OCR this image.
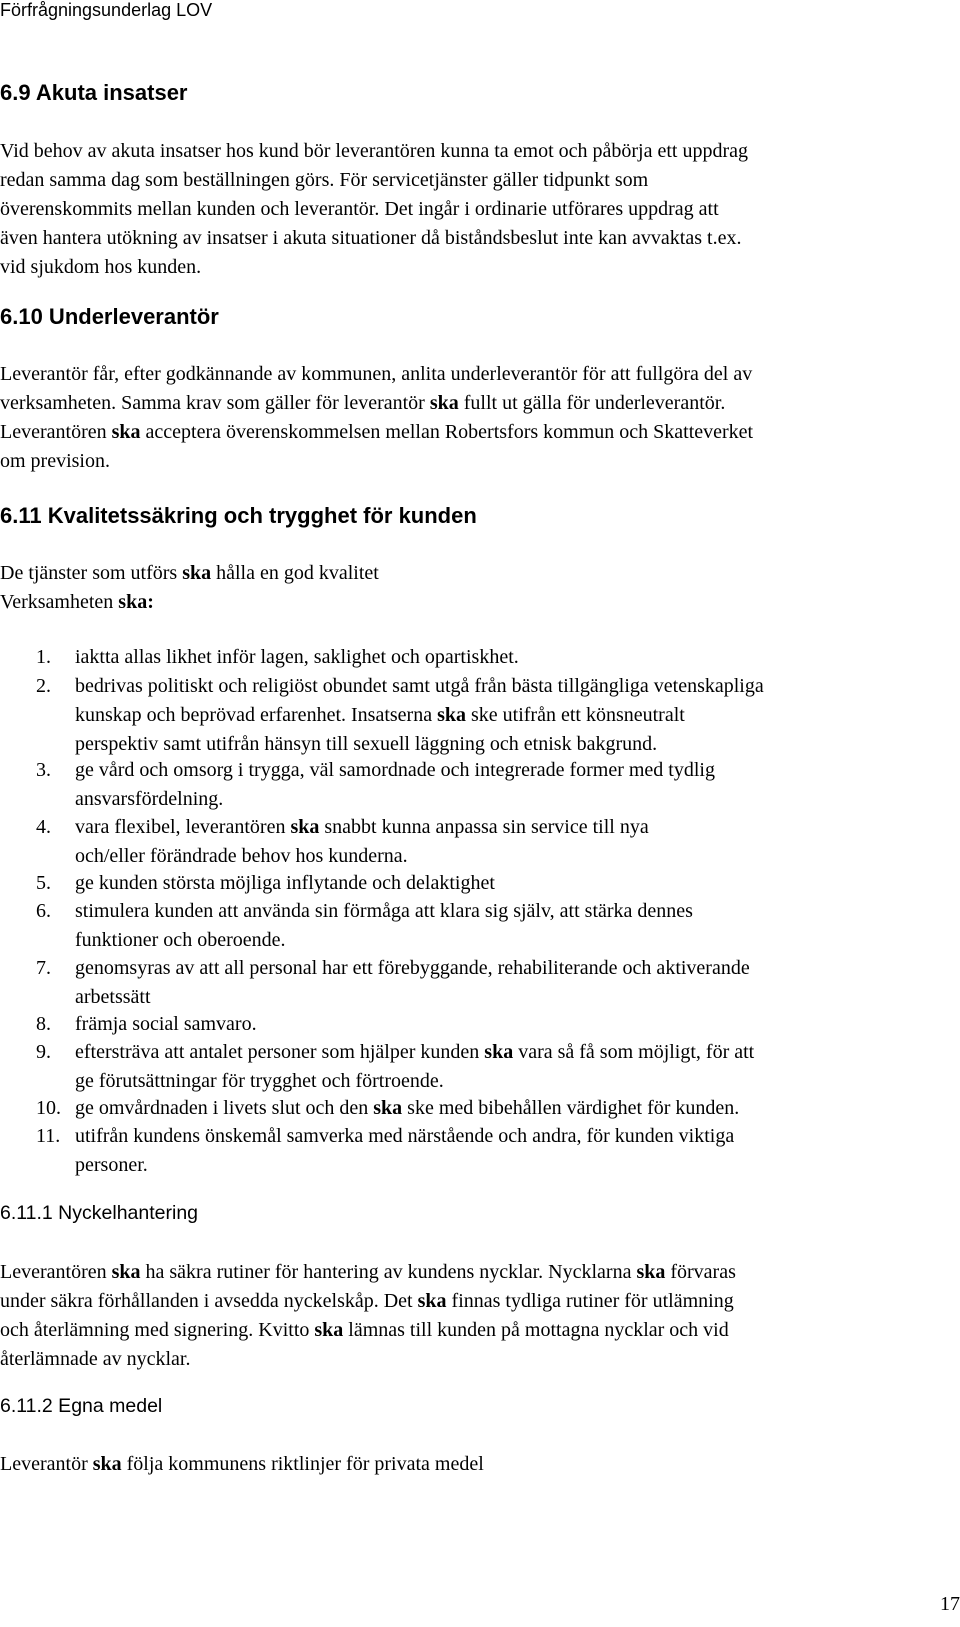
Förfrågningsunderlag LOV
6.9 Akuta insatser
Vid behov av akuta insatser hos kund bör leverantören kunna ta emot och påbörja ett uppdrag
redan samma dag som beställningen görs. För servicetjänster gäller tidpunkt som
överenskommits mellan kunden och leverantör. Det ingår i ordinarie utförares uppdrag att
även hantera utökning av insatser i akuta situationer då biståndsbeslut inte kan avvaktas t.ex.
vid sjukdom hos kunden.
6.10 Underleverantör
Leverantör får, efter godkännande av kommunen, anlita underleverantör för att fullgöra del av
verksamheten. Samma krav som gäller för leverantör ska fullt ut gälla för underleverantör.
Leverantören ska acceptera överenskommelsen mellan Robertsfors kommun och Skatteverket
om prevision.
6.11 Kvalitetssäkring och trygghet för kunden
De tjänster som utförs ska hålla en god kvalitet
Verksamheten ska:
1.	iaktta allas likhet inför lagen, saklighet och opartiskhet.
2.	bedrivas politiskt och religiöst obundet samt utgå från bästa tillgängliga vetenskapliga
kunskap och beprövad erfarenhet. Insatserna ska ske utifrån ett könsneutralt
perspektiv samt utifrån hänsyn till sexuell läggning och etnisk bakgrund.
3.	ge vård och omsorg i trygga, väl samordnade och integrerade former med tydlig
ansvarsfördelning.
4.	vara flexibel, leverantören ska snabbt kunna anpassa sin service till nya
och/eller förändrade behov hos kunderna.
5.	ge kunden största möjliga inflytande och delaktighet
6.	stimulera kunden att använda sin förmåga att klara sig själv, att stärka dennes
funktioner och oberoende.
7.	genomsyras av att all personal har ett förebyggande, rehabiliterande och aktiverande
arbetssätt
8.	främja social samvaro.
9.	eftersträva att antalet personer som hjälper kunden ska vara så få som möjligt, för att
ge förutsättningar för trygghet och förtroende.
10. ge omvårdnaden i livets slut och den ska ske med bibehållen värdighet för kunden.
11. utifrån kundens önskemål samverka med närstående och andra, för kunden viktiga
personer.
6.11.1 Nyckelhantering
Leverantören ska ha säkra rutiner för hantering av kundens nycklar. Nycklarna ska förvaras
under säkra förhållanden i avsedda nyckelskåp. Det ska finnas tydliga rutiner för utlämning
och återlämning med signering. Kvitto ska lämnas till kunden på mottagna nycklar och vid
återlämnade av nycklar.
6.11.2 Egna medel
Leverantör ska följa kommunens riktlinjer för privata medel
17
